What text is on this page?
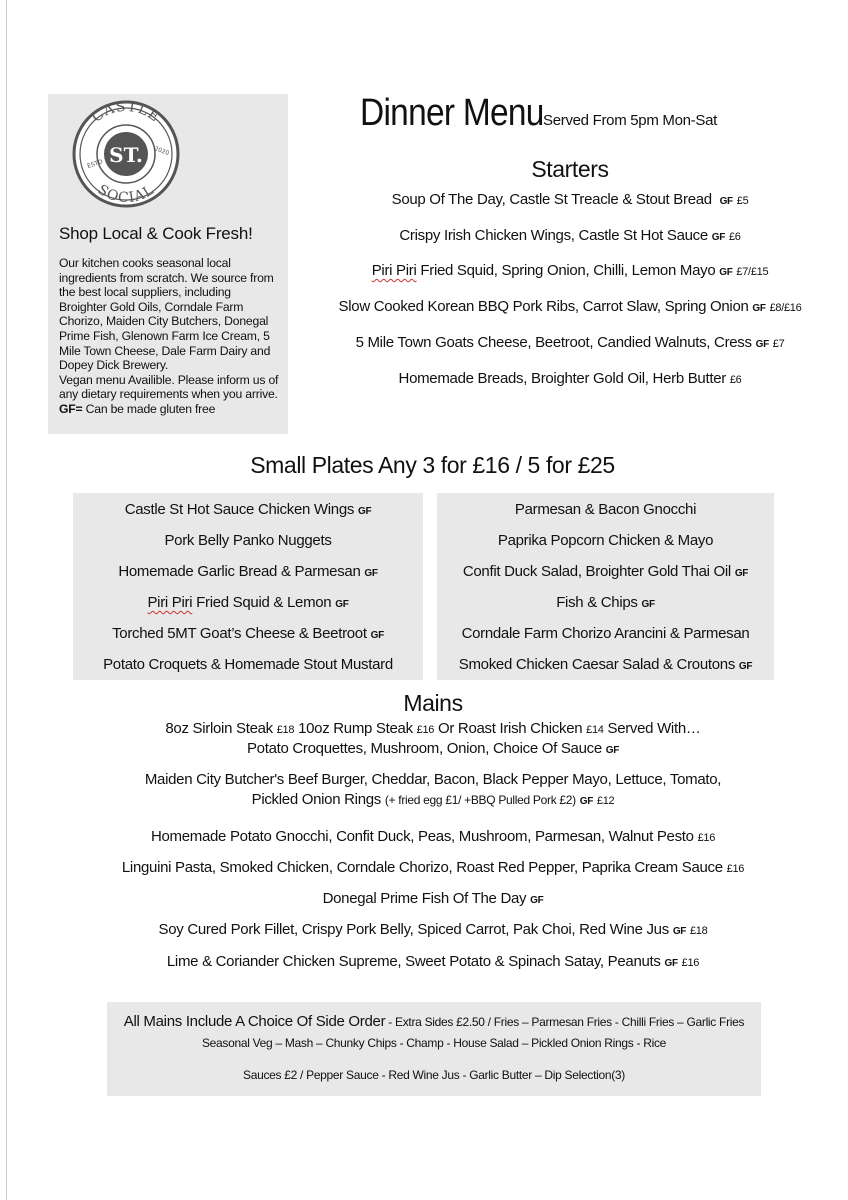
CASTLE
SOCIAL
ST.
ESTD
2020
Shop Local & Cook Fresh!
Our kitchen cooks seasonal local
ingredients from scratch. We source from
the best local suppliers, including
Broighter Gold Oils, Corndale Farm
Chorizo, Maiden City Butchers, Donegal
Prime Fish, Glenown Farm Ice Cream, 5
Mile Town Cheese, Dale Farm Dairy and
Dopey Dick Brewery.
Vegan menu Availible. Please inform us of
any dietary requirements when you arrive.
GF= Can be made gluten free
Dinner Menu Served From 5pm Mon-Sat
Starters
Soup Of The Day, Castle St Treacle & Stout Bread GF £5
Crispy Irish Chicken Wings, Castle St Hot Sauce GF £6
Piri Piri Fried Squid, Spring Onion, Chilli, Lemon Mayo GF £7/£15
Slow Cooked Korean BBQ Pork Ribs, Carrot Slaw, Spring Onion GF £8/£16
5 Mile Town Goats Cheese, Beetroot, Candied Walnuts, Cress GF £7
Homemade Breads, Broighter Gold Oil, Herb Butter £6
Small Plates Any 3 for £16 / 5 for £25
Castle St Hot Sauce Chicken Wings GF
Pork Belly Panko Nuggets
Homemade Garlic Bread & Parmesan GF
Piri Piri Fried Squid & Lemon GF
Torched 5MT Goat’s Cheese & Beetroot GF
Potato Croquets & Homemade Stout Mustard
Parmesan & Bacon Gnocchi
Paprika Popcorn Chicken & Mayo
Confit Duck Salad, Broighter Gold Thai Oil GF
Fish & Chips GF
Corndale Farm Chorizo Arancini & Parmesan
Smoked Chicken Caesar Salad & Croutons GF
Mains
8oz Sirloin Steak £18 10oz Rump Steak £16 Or Roast Irish Chicken £14 Served With…
Potato Croquettes, Mushroom, Onion, Choice Of Sauce GF
Maiden City Butcher's Beef Burger, Cheddar, Bacon, Black Pepper Mayo, Lettuce, Tomato,
Pickled Onion Rings (+ fried egg £1/ +BBQ Pulled Pork £2) GF £12
Homemade Potato Gnocchi, Confit Duck, Peas, Mushroom, Parmesan, Walnut Pesto £16
Linguini Pasta, Smoked Chicken, Corndale Chorizo, Roast Red Pepper, Paprika Cream Sauce £16
Donegal Prime Fish Of The Day GF
Soy Cured Pork Fillet, Crispy Pork Belly, Spiced Carrot, Pak Choi, Red Wine Jus GF £18
Lime & Coriander Chicken Supreme, Sweet Potato & Spinach Satay, Peanuts GF £16
All Mains Include A Choice Of Side Order - Extra Sides £2.50 / Fries – Parmesan Fries - Chilli Fries – Garlic Fries
Seasonal Veg – Mash – Chunky Chips - Champ - House Salad – Pickled Onion Rings - Rice
Sauces £2 / Pepper Sauce - Red Wine Jus - Garlic Butter – Dip Selection(3)
